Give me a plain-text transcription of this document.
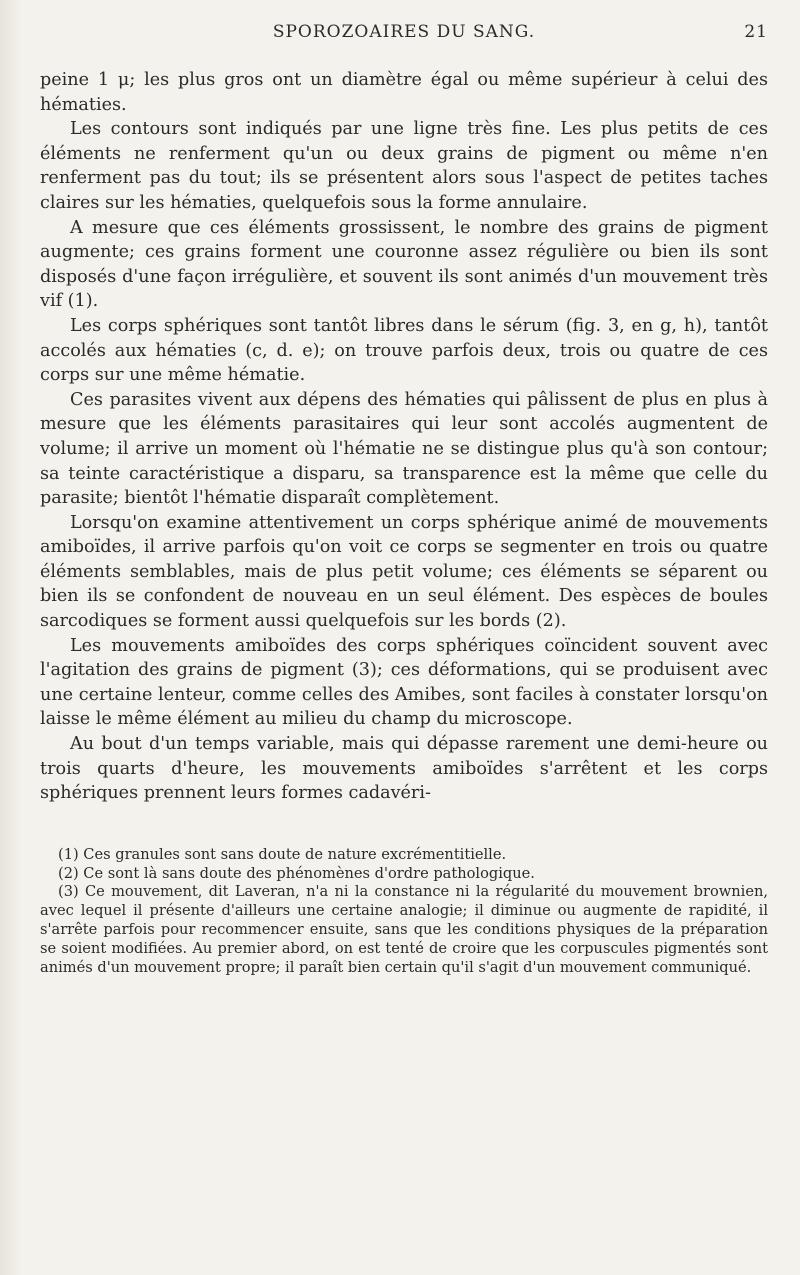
SPOROZOAIRES DU SANG.	21

peine 1 μ; les plus gros ont un diamètre égal ou même supérieur à celui des hématies.

Les contours sont indiqués par une ligne très fine. Les plus petits de ces éléments ne renferment qu'un ou deux grains de pigment ou même n'en renferment pas du tout; ils se présentent alors sous l'aspect de petites taches claires sur les hématies, quelquefois sous la forme annulaire.

A mesure que ces éléments grossissent, le nombre des grains de pigment augmente; ces grains forment une couronne assez régulière ou bien ils sont disposés d'une façon irrégulière, et souvent ils sont animés d'un mouvement très vif (1).

Les corps sphériques sont tantôt libres dans le sérum (fig. 3, en g, h), tantôt accolés aux hématies (c, d. e); on trouve parfois deux, trois ou quatre de ces corps sur une même hématie.

Ces parasites vivent aux dépens des hématies qui pâlissent de plus en plus à mesure que les éléments parasitaires qui leur sont accolés augmentent de volume; il arrive un moment où l'hématie ne se distingue plus qu'à son contour; sa teinte caractéristique a disparu, sa transparence est la même que celle du parasite; bientôt l'hématie disparaît complètement.

Lorsqu'on examine attentivement un corps sphérique animé de mouvements amiboïdes, il arrive parfois qu'on voit ce corps se segmenter en trois ou quatre éléments semblables, mais de plus petit volume; ces éléments se séparent ou bien ils se confondent de nouveau en un seul élément. Des espèces de boules sarcodiques se forment aussi quelquefois sur les bords (2).

Les mouvements amiboïdes des corps sphériques coïncident souvent avec l'agitation des grains de pigment (3); ces déformations, qui se produisent avec une certaine lenteur, comme celles des Amibes, sont faciles à constater lorsqu'on laisse le même élément au milieu du champ du microscope.

Au bout d'un temps variable, mais qui dépasse rarement une demi-heure ou trois quarts d'heure, les mouvements amiboïdes s'arrêtent et les corps sphériques prennent leurs formes cadavéri-

(1) Ces granules sont sans doute de nature excrémentitielle.

(2) Ce sont là sans doute des phénomènes d'ordre pathologique.

(3) Ce mouvement, dit Laveran, n'a ni la constance ni la régularité du mouvement brownien, avec lequel il présente d'ailleurs une certaine analogie; il diminue ou augmente de rapidité, il s'arrête parfois pour recommencer ensuite, sans que les conditions physiques de la préparation se soient modifiées. Au premier abord, on est tenté de croire que les corpuscules pigmentés sont animés d'un mouvement propre; il paraît bien certain qu'il s'agit d'un mouvement communiqué.
